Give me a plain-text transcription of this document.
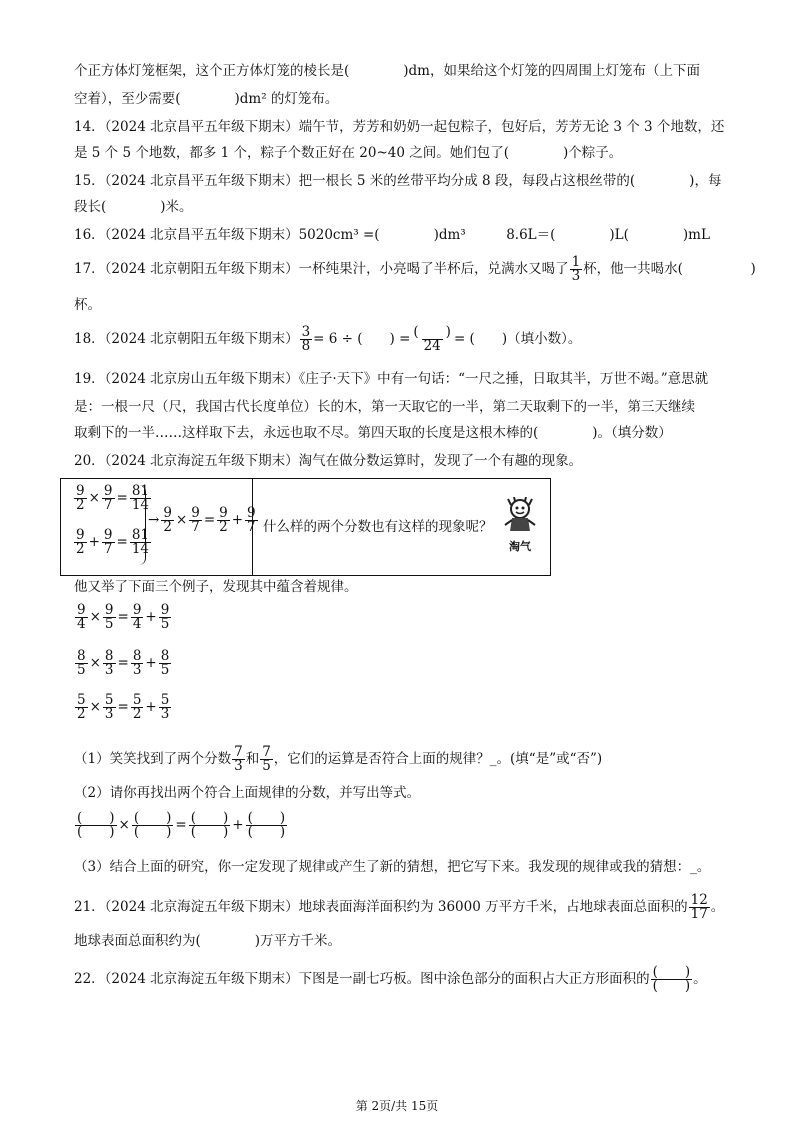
个正方体灯笼框架，这个正方体灯笼的棱长是(　　　　)dm，如果给这个灯笼的四周围上灯笼布（上下面
空着），至少需要(　　　　)dm² 的灯笼布。
14．（2024 北京昌平五年级下期末）端午节，芳芳和奶奶一起包粽子，包好后，芳芳无论 3 个 3 个地数，还
是 5 个 5 个地数，都多 1 个，粽子个数正好在 20~40 之间。她们包了(　　　　)个粽子。
15．（2024 北京昌平五年级下期末）把一根长 5 米的丝带平均分成 8 段，每段占这根丝带的(　　　　)，每
段长(　　　　)米。
16．（2024 北京昌平五年级下期末）5020cm³ =(　　　　)dm³　　　8.6L＝(　　　　)L(　　　　)mL
17．（2024 北京朝阳五年级下期末）一杯纯果汁，小亮喝了半杯后，兑满水又喝了 $\frac{1}{3}$ 杯，他一共喝水(　　　　　)
杯。
18．（2024 北京朝阳五年级下期末） $\frac{3}{8} = 6$ ÷ (　　) = $\frac{( )}{24}$ = (　　)（填小数）。
19．（2024 北京房山五年级下期末）《庄子·天下》中有一句话：“一尺之捶，日取其半，万世不竭。”意思就
是：一根一尺（尺，我国古代长度单位）长的木，第一天取它的一半，第二天取剩下的一半，第三天继续
取剩下的一半……这样取下去，永远也取不尽。第四天取的长度是这根木棒的(　　　　)。（填分数）
20．（2024 北京海淀五年级下期末）淘气在做分数运算时，发现了一个有趣的现象。
$\frac{9}{2} \times \frac{9}{7} = \frac{81}{14}$
$\frac{9}{2} + \frac{9}{7} = \frac{81}{14}$
→ $\frac{9}{2} \times \frac{9}{7} = \frac{9}{2} + \frac{9}{7}$ 什么样的两个分数也有这样的现象呢？
淘气
他又举了下面三个例子，发现其中蕴含着规律。
$\frac{9}{4} \times \frac{9}{5} = \frac{9}{4} + \frac{9}{5}$
$\frac{8}{5} \times \frac{8}{3} = \frac{8}{3} + \frac{8}{5}$
$\frac{5}{2} \times \frac{5}{3} = \frac{5}{2} + \frac{5}{3}$
（1）笑笑找到了两个分数 $\frac{7}{3}$ 和 $\frac{7}{5}$ ，它们的运算是否符合上面的规律？_。(填“是”或“否”)
（2）请你再找出两个符合上面规律的分数，并写出等式。
$\frac{( )}{( )} \times \frac{( )}{( )} = \frac{( )}{( )} + \frac{( )}{( )}$
（3）结合上面的研究，你一定发现了规律或产生了新的猜想，把它写下来。我发现的规律或我的猜想：_。
21．（2024 北京海淀五年级下期末）地球表面海洋面积约为 36000 万平方千米，占地球表面总面积的 $\frac{12}{17}$ 。
地球表面总面积约为(　　　　)万平方千米。
22．（2024 北京海淀五年级下期末）下图是一副七巧板。图中涂色部分的面积占大正方形面积的 $\frac{( )}{( )}$ 。
第 2页/共 15页
